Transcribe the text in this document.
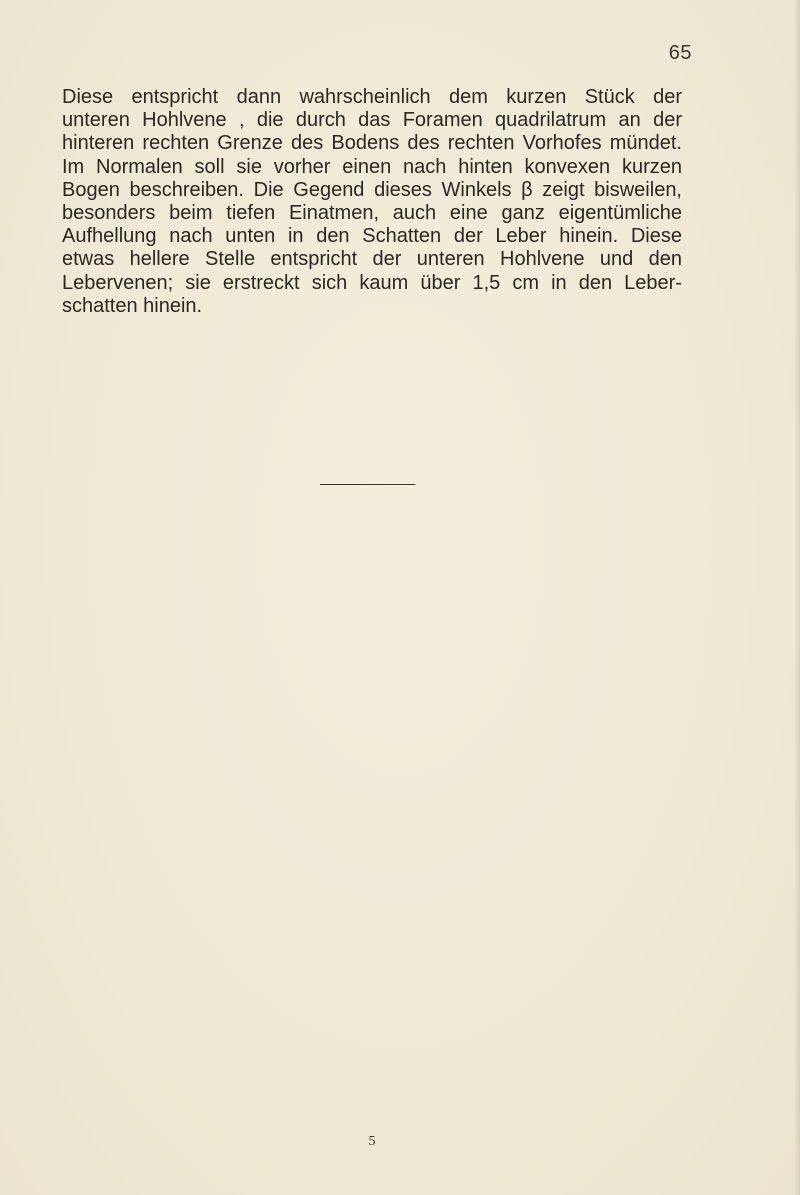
65
Diese entspricht dann wahrscheinlich dem kurzen Stück der
unteren Hohlvene , die durch das Foramen quadrilatrum an der
hinteren rechten Grenze des Bodens des rechten Vorhofes mündet.
Im Normalen soll sie vorher einen nach hinten konvexen kurzen
Bogen beschreiben. Die Gegend dieses Winkels β zeigt bisweilen,
besonders beim tiefen Einatmen, auch eine ganz eigentümliche
Aufhellung nach unten in den Schatten der Leber hinein. Diese
etwas hellere Stelle entspricht der unteren Hohlvene und den
Lebervenen; sie erstreckt sich kaum über 1,5 cm in den Leber-
schatten hinein.
5
